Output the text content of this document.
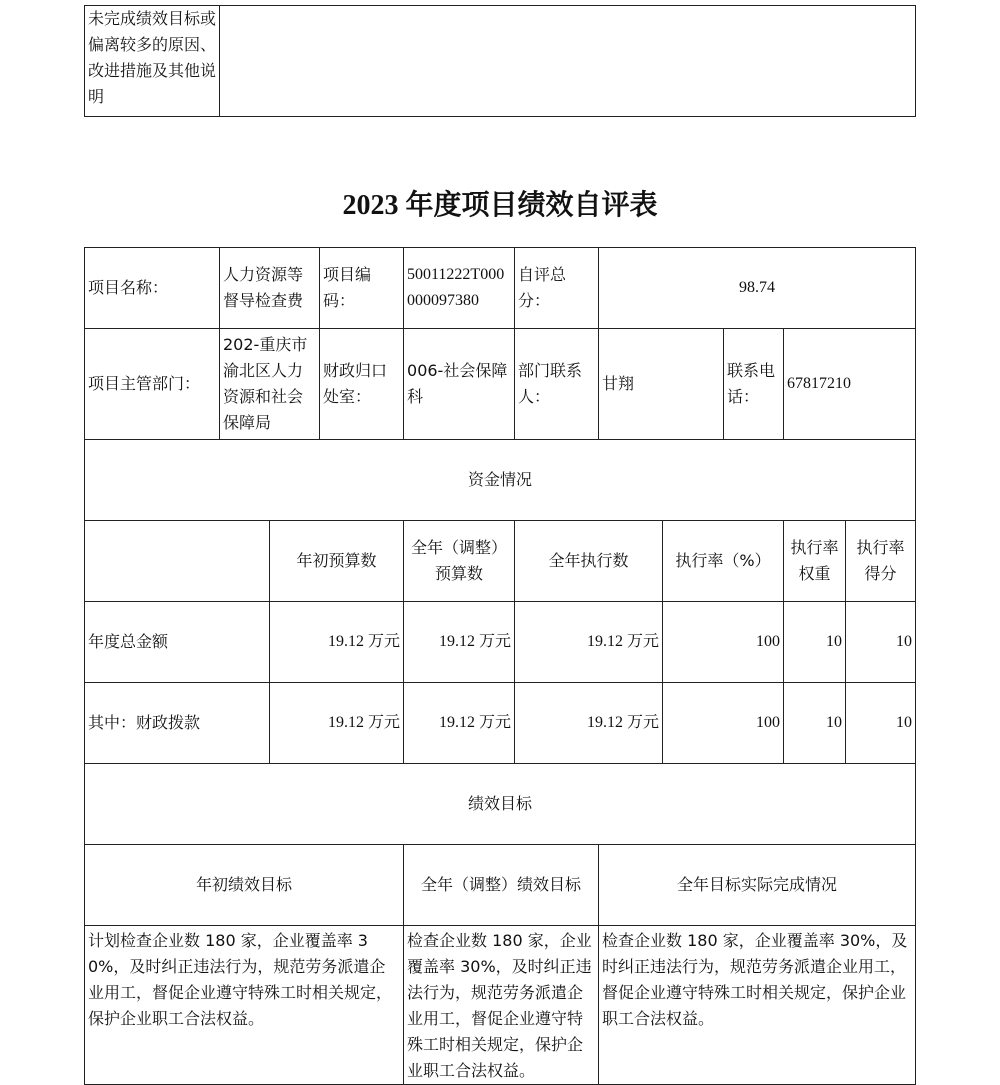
未完成绩效目标或偏离较多的原因、改进措施及其他说明	
2023 年度项目绩效自评表
项目名称：	人力资源等督导检查费		项目编码：	50011222T000000097380	自评总分：	98.74				
项目主管部门：	202-重庆市渝北区人力资源和社会保障局		财政归口处室：	006-社会保障科	部门联系人：	甘翔		联系电话：	67817210	
资金情况										
		年初预算数		全年（调整）预算数	全年执行数		执行率（%）		执行率权重	执行率得分
年度总金额		19.12 万元		19.12 万元	19.12 万元		100		10	10
其中：财政拨款		19.12 万元		19.12 万元	19.12 万元		100		10	10
绩效目标										
年初绩效目标				全年（调整）绩效目标		全年目标实际完成情况				
计划检查企业数 180 家，企业覆盖率 30%，及时纠正违法行为，规范劳务派遣企业用工，督促企业遵守特殊工时相关规定，保护企业职工合法权益。				检查企业数 180 家，企业覆盖率 30%，及时纠正违法行为，规范劳务派遣企业用工，督促企业遵守特殊工时相关规定，保护企业职工合法权益。		检查企业数 180 家，企业覆盖率 30%，及时纠正违法行为，规范劳务派遣企业用工，督促企业遵守特殊工时相关规定，保护企业职工合法权益。				
